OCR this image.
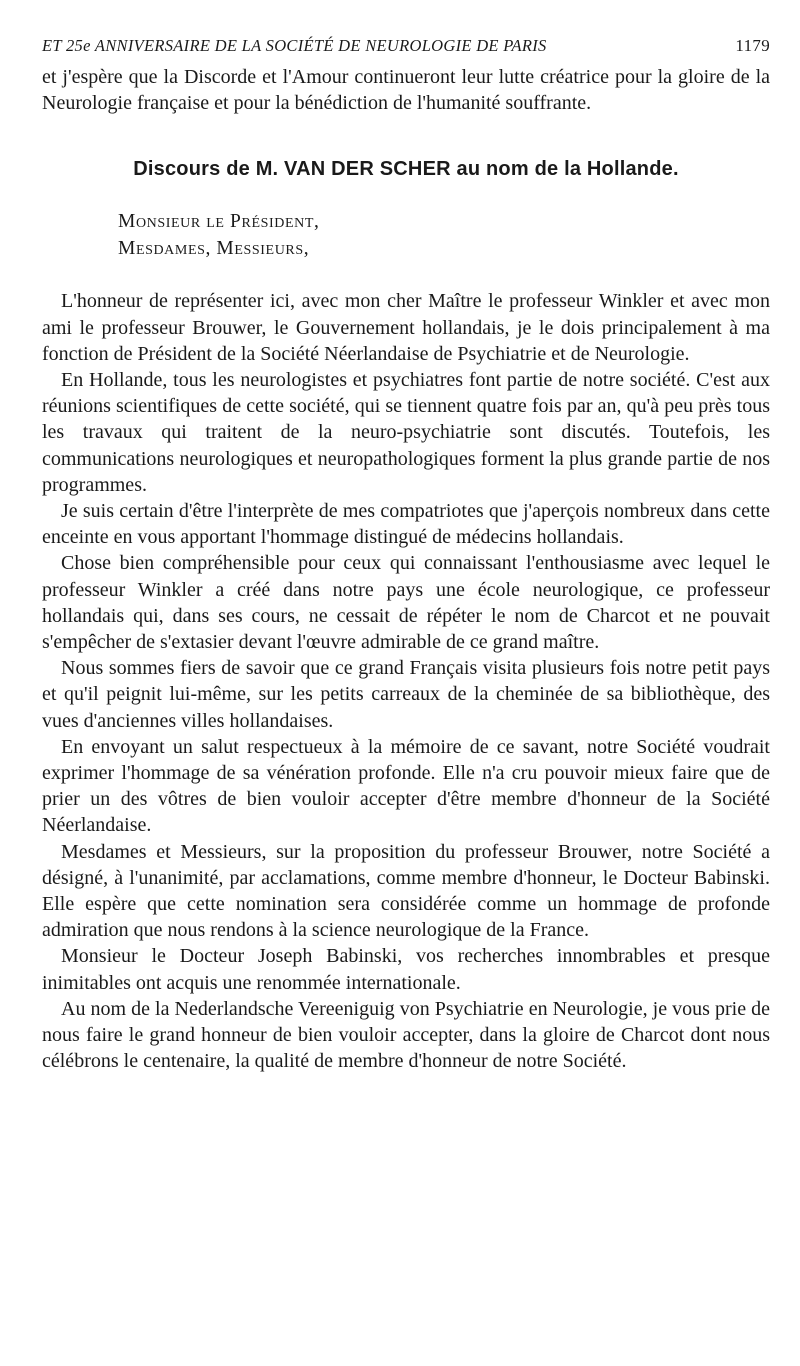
ET 25e ANNIVERSAIRE DE LA SOCIÉTÉ DE NEUROLOGIE DE PARIS	1179

et j'espère que la Discorde et l'Amour continueront leur lutte créatrice pour la gloire de la Neurologie française et pour la bénédiction de l'humanité souffrante.

Discours de M. VAN DER SCHER au nom de la Hollande.
Monsieur le Président,
Mesdames, Messieurs,

L'honneur de représenter ici, avec mon cher Maître le professeur Winkler et avec mon ami le professeur Brouwer, le Gouvernement hollandais, je le dois principalement à ma fonction de Président de la Société Néerlandaise de Psychiatrie et de Neurologie.

En Hollande, tous les neurologistes et psychiatres font partie de notre société. C'est aux réunions scientifiques de cette société, qui se tiennent quatre fois par an, qu'à peu près tous les travaux qui traitent de la neuro-psychiatrie sont discutés. Toutefois, les communications neurologiques et neuropathologiques forment la plus grande partie de nos programmes.

Je suis certain d'être l'interprète de mes compatriotes que j'aperçois nombreux dans cette enceinte en vous apportant l'hommage distingué de médecins hollandais.

Chose bien compréhensible pour ceux qui connaissant l'enthousiasme avec lequel le professeur Winkler a créé dans notre pays une école neurologique, ce professeur hollandais qui, dans ses cours, ne cessait de répéter le nom de Charcot et ne pouvait s'empêcher de s'extasier devant l'œuvre admirable de ce grand maître.

Nous sommes fiers de savoir que ce grand Français visita plusieurs fois notre petit pays et qu'il peignit lui-même, sur les petits carreaux de la cheminée de sa bibliothèque, des vues d'anciennes villes hollandaises.

En envoyant un salut respectueux à la mémoire de ce savant, notre Société voudrait exprimer l'hommage de sa vénération profonde. Elle n'a cru pouvoir mieux faire que de prier un des vôtres de bien vouloir accepter d'être membre d'honneur de la Société Néerlandaise.

Mesdames et Messieurs, sur la proposition du professeur Brouwer, notre Société a désigné, à l'unanimité, par acclamations, comme membre d'honneur, le Docteur Babinski. Elle espère que cette nomination sera considérée comme un hommage de profonde admiration que nous rendons à la science neurologique de la France.

Monsieur le Docteur Joseph Babinski, vos recherches innombrables et presque inimitables ont acquis une renommée internationale.

Au nom de la Nederlandsche Vereeniguig von Psychiatrie en Neurologie, je vous prie de nous faire le grand honneur de bien vouloir accepter, dans la gloire de Charcot dont nous célébrons le centenaire, la qualité de membre d'honneur de notre Société.
